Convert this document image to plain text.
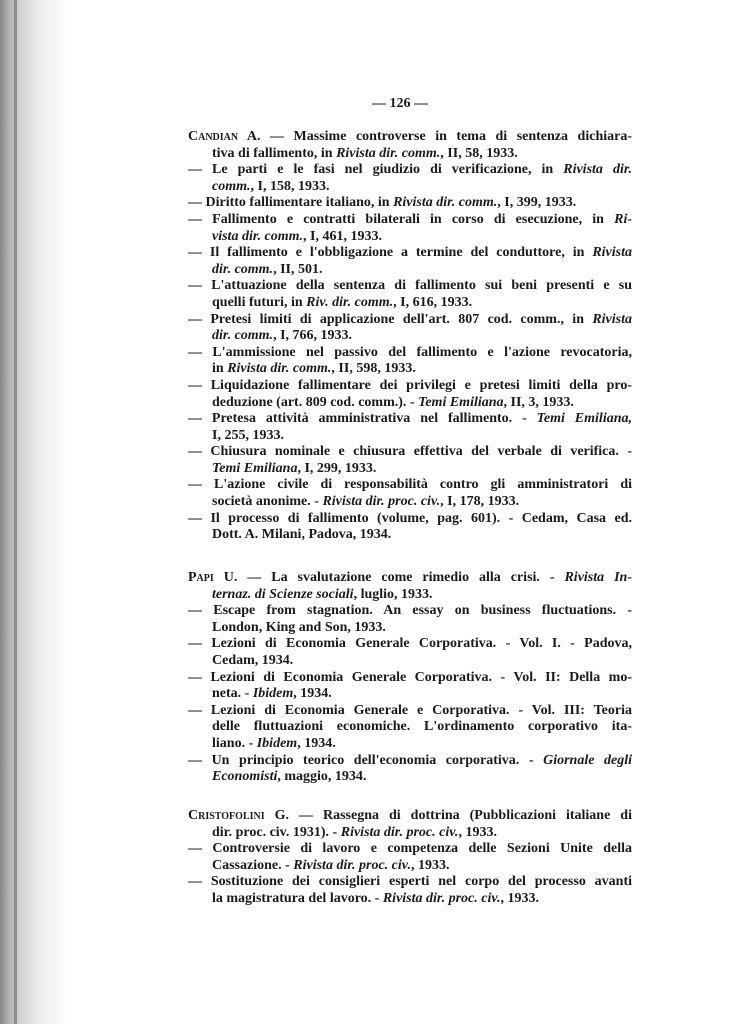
— 126 —
Candian A. — Massime controverse in tema di sentenza dichiara-
tiva di fallimento, in Rivista dir. comm., II, 58, 1933.
— Le parti e le fasi nel giudizio di verificazione, in Rivista dir.
comm., I, 158, 1933.
— Diritto fallimentare italiano, in Rivista dir. comm., I, 399, 1933.
— Fallimento e contratti bilaterali in corso di esecuzione, in Ri-
vista dir. comm., I, 461, 1933.
— Il fallimento e l'obbligazione a termine del conduttore, in Rivista
dir. comm., II, 501.
— L'attuazione della sentenza di fallimento sui beni presenti e su
quelli futuri, in Riv. dir. comm., I, 616, 1933.
— Pretesi limiti di applicazione dell'art. 807 cod. comm., in Rivista
dir. comm., I, 766, 1933.
— L'ammissione nel passivo del fallimento e l'azione revocatoria,
in Rivista dir. comm., II, 598, 1933.
— Liquidazione fallimentare dei privilegi e pretesi limiti della pro-
deduzione (art. 809 cod. comm.). - Temi Emiliana, II, 3, 1933.
— Pretesa attività amministrativa nel fallimento. - Temi Emiliana,
I, 255, 1933.
— Chiusura nominale e chiusura effettiva del verbale di verifica. -
Temi Emiliana, I, 299, 1933.
— L'azione civile di responsabilità contro gli amministratori di
società anonime. - Rivista dir. proc. civ., I, 178, 1933.
— Il processo di fallimento (volume, pag. 601). - Cedam, Casa ed.
Dott. A. Milani, Padova, 1934.
Papi U. — La svalutazione come rimedio alla crisi. - Rivista In-
ternaz. di Scienze sociali, luglio, 1933.
— Escape from stagnation. An essay on business fluctuations. -
London, King and Son, 1933.
— Lezioni di Economia Generale Corporativa. - Vol. I. - Padova,
Cedam, 1934.
— Lezioni di Economia Generale Corporativa. - Vol. II: Della mo-
neta. - Ibidem, 1934.
— Lezioni di Economia Generale e Corporativa. - Vol. III: Teoria
delle fluttuazioni economiche. L'ordinamento corporativo ita-
liano. - Ibidem, 1934.
— Un principio teorico dell'economia corporativa. - Giornale degli
Economisti, maggio, 1934.
Cristofolini G. — Rassegna di dottrina (Pubblicazioni italiane di
dir. proc. civ. 1931). - Rivista dir. proc. civ., 1933.
— Controversie di lavoro e competenza delle Sezioni Unite della
Cassazione. - Rivista dir. proc. civ., 1933.
— Sostituzione dei consiglieri esperti nel corpo del processo avanti
la magistratura del lavoro. - Rivista dir. proc. civ., 1933.
